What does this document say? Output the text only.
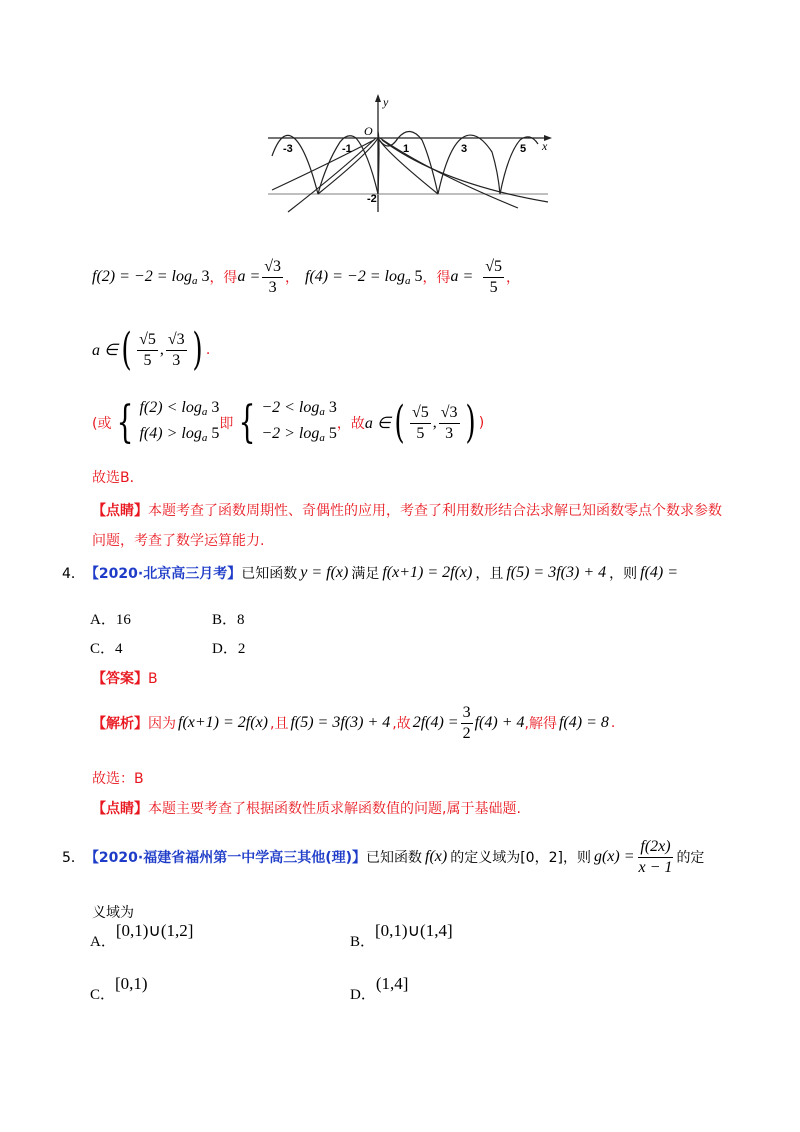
y
x
O
-3	-1	1	3	5
-2
$f(2) = -2 = \log_a 3$ ，得 $a = \frac{√3}{3}$ ， $f(4) = -2 = \log_a 5$ ，得 $a = \frac{√5}{5}$ ，
a ∈ ( $\frac{√5}{5}$ , $\frac{√3}{3}$ ) .
(或 { $f(2) < \log_a 3$
$f(4) > \log_a 5$
即 { $-2 < \log_a 3$
$-2 > \log_a 5$
，故 a ∈ ( $\frac{√5}{5}$ , $\frac{√3}{3}$ ) )
故选B．
【点睛】本题考查了函数周期性、奇偶性的应用，考查了利用数形结合法求解已知函数零点个数求参数
问题，考查了数学运算能力.
4． 【2020·北京高三月考】 已知函数 y = f(x) 满足 f(x+1) = 2f(x) ，且 f(5) = 3f(3) + 4 ，则 f(4) =
A．16	B．8
C．4	D．2
【答案】B
【解析】 因为 f(x+1) = 2f(x) ,且 f(5) = 3f(3) + 4 ,故 $2f(4) = \frac{3}{2} f(4) + 4$ ,解得 f(4) = 8 .
故选：B
【点睛】本题主要考查了根据函数性质求解函数值的问题,属于基础题.
5． 【2020·福建省福州第一中学高三其他(理)】 已知函数 f(x) 的定义域为[0，2]，则 $g(x) = \frac{f(2x)}{x - 1}$ 的定
义域为
A．
[0,1)∪(1,2]
B．
[0,1)∪(1,4]
C．
[0,1)
D．
(1,4]
